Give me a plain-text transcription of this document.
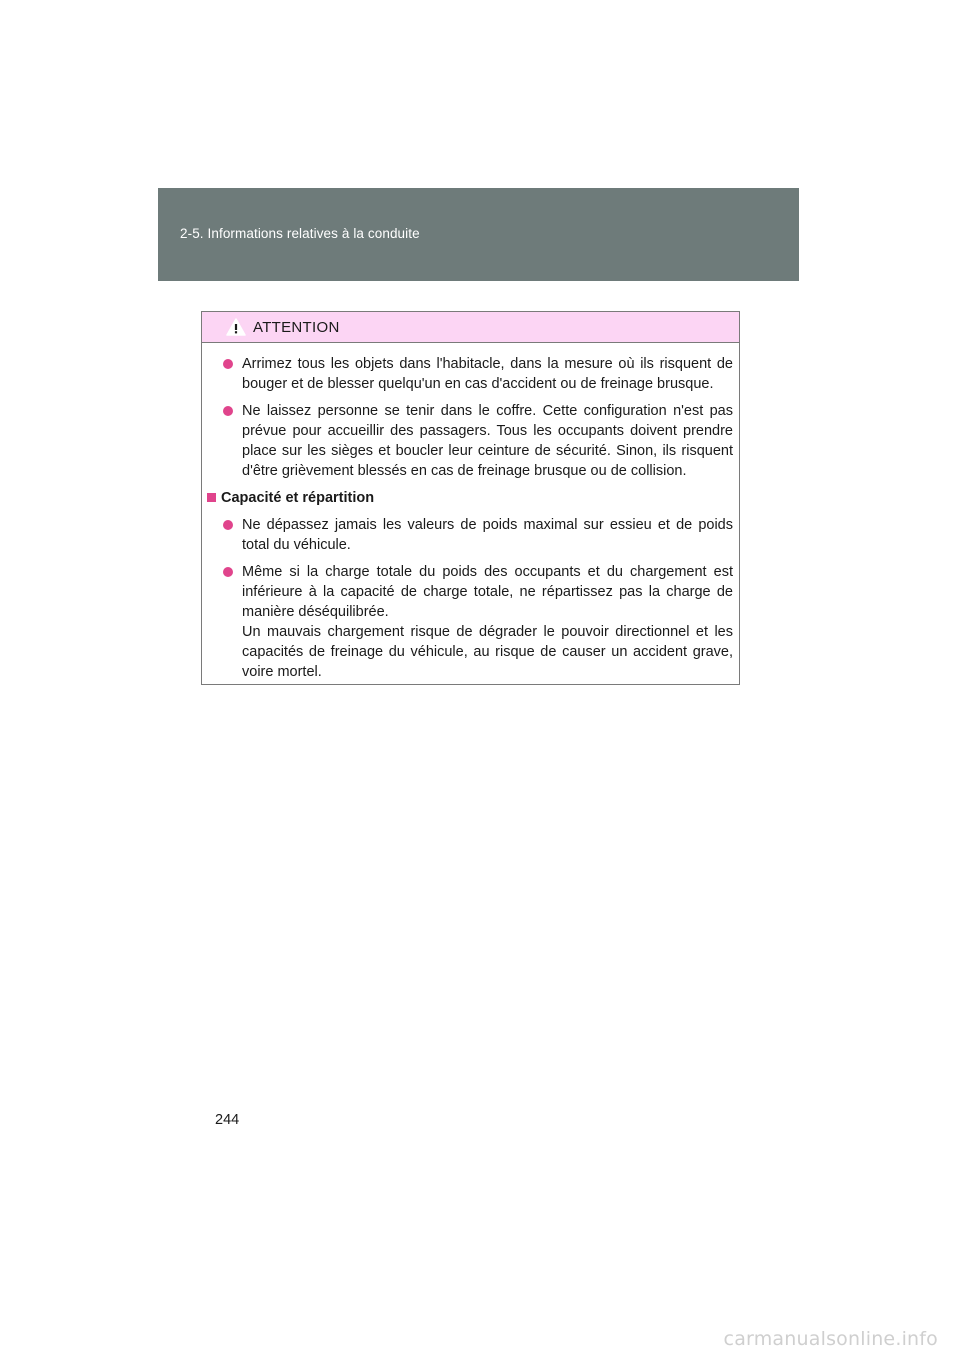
2-5. Informations relatives à la conduite
ATTENTION

Arrimez tous les objets dans l'habitacle, dans la mesure où ils risquent de bouger et de blesser quelqu'un en cas d'accident ou de freinage brusque.

Ne laissez personne se tenir dans le coffre. Cette configuration n'est pas prévue pour accueillir des passagers. Tous les occupants doivent prendre place sur les sièges et boucler leur ceinture de sécurité. Sinon, ils risquent d'être grièvement blessés en cas de freinage brusque ou de collision.

Capacité et répartition

Ne dépassez jamais les valeurs de poids maximal sur essieu et de poids total du véhicule.

Même si la charge totale du poids des occupants et du chargement est inférieure à la capacité de charge totale, ne répartissez pas la charge de manière déséquilibrée.

Un mauvais chargement risque de dégrader le pouvoir directionnel et les capacités de freinage du véhicule, au risque de causer un accident grave, voire mortel.

244
carmanualsonline.info
